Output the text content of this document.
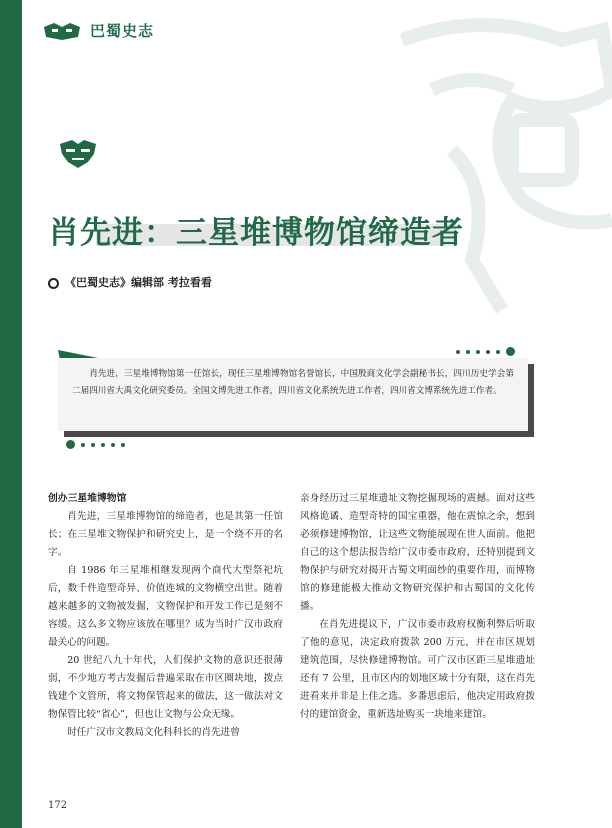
巴蜀史志
肖先进：三星堆博物馆缔造者
《巴蜀史志》编辑部 考拉看看

肖先进，三星堆博物馆第一任馆长，现任三星堆博物馆名誉馆长，中国殷商文化学会副秘书长，四川历史学会第二届四川省大禹文化研究委员。全国文博先进工作者，四川省文化系统先进工作者，四川省文博系统先进工作者。

创办三星堆博物馆

肖先进，三星堆博物馆的缔造者，也是其第一任馆长；在三星堆文物保护和研究史上，是一个绕不开的名字。

自 1986 年三星堆相继发现两个商代大型祭祀坑后，数千件造型奇异、价值连城的文物横空出世。随着越来越多的文物被发掘，文物保护和开发工作已是刻不容缓。这么多文物应该放在哪里？成为当时广汉市政府最关心的问题。

20 世纪八九十年代，人们保护文物的意识还很薄弱，不少地方考古发掘后普遍采取在市区圈块地，拨点钱建个文管所，将文物保管起来的做法，这一做法对文物保管比较“省心”，但也让文物与公众无缘。

时任广汉市文教局文化科科长的肖先进曾

亲身经历过三星堆遗址文物挖掘现场的震撼。面对这些风格诡谲、造型奇特的国宝重器，他在震惊之余，想到必须修建博物馆，让这些文物能展现在世人面前。他把自己的这个想法报告给广汉市委市政府，还特别提到文物保护与研究对揭开古蜀文明面纱的重要作用，而博物馆的修建能极大推动文物研究保护和古蜀国的文化传播。

在肖先进提议下，广汉市委市政府权衡利弊后听取了他的意见，决定政府拨款 200 万元，并在市区规划建筑范围，尽快修建博物馆。可广汉市区距三星堆遗址还有 7 公里，且市区内的划地区域十分有限，这在肖先进看来并非是上佳之选。多番思虑后，他决定用政府拨付的建馆资金，重新选址购买一块地来建馆。

172
